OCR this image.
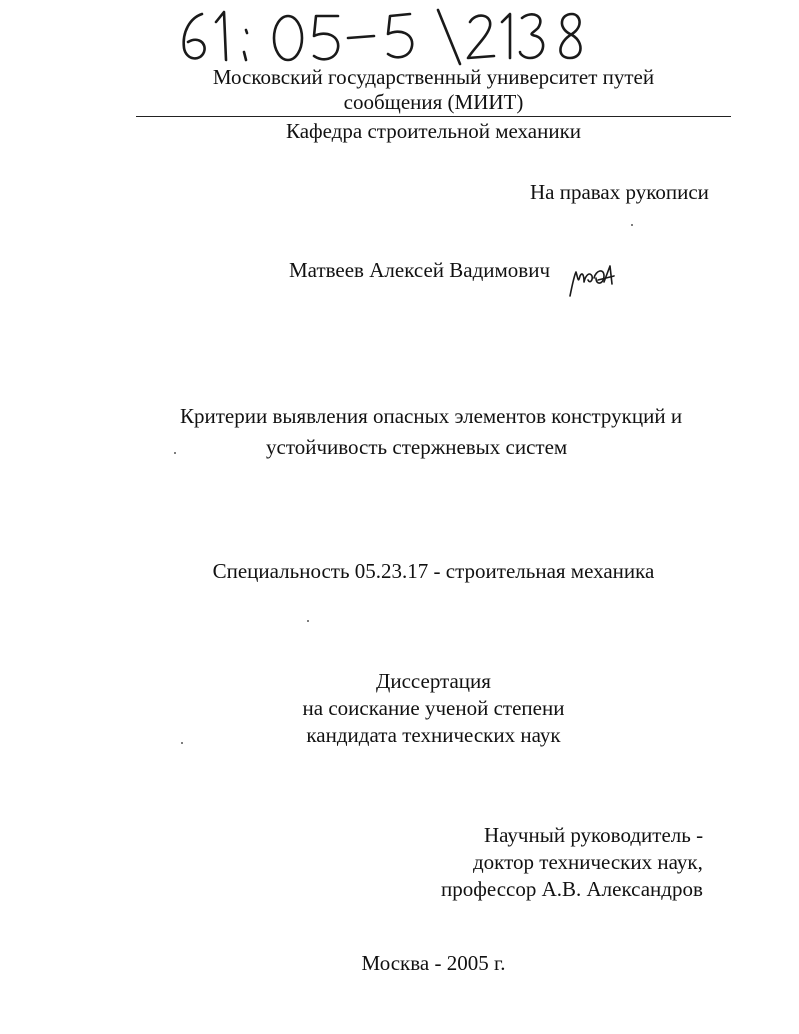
Московский государственный университет путей
сообщения (МИИТ)
Кафедра строительной механики
На правах рукописи
Матвеев Алексей Вадимович
Критерии выявления опасных элементов конструкций и
устойчивость стержневых систем
Специальность 05.23.17 - строительная механика
Диссертация
на соискание ученой степени
кандидата технических наук
Научный руководитель -
доктор технических наук,
профессор А.В. Александров
Москва - 2005 г.
